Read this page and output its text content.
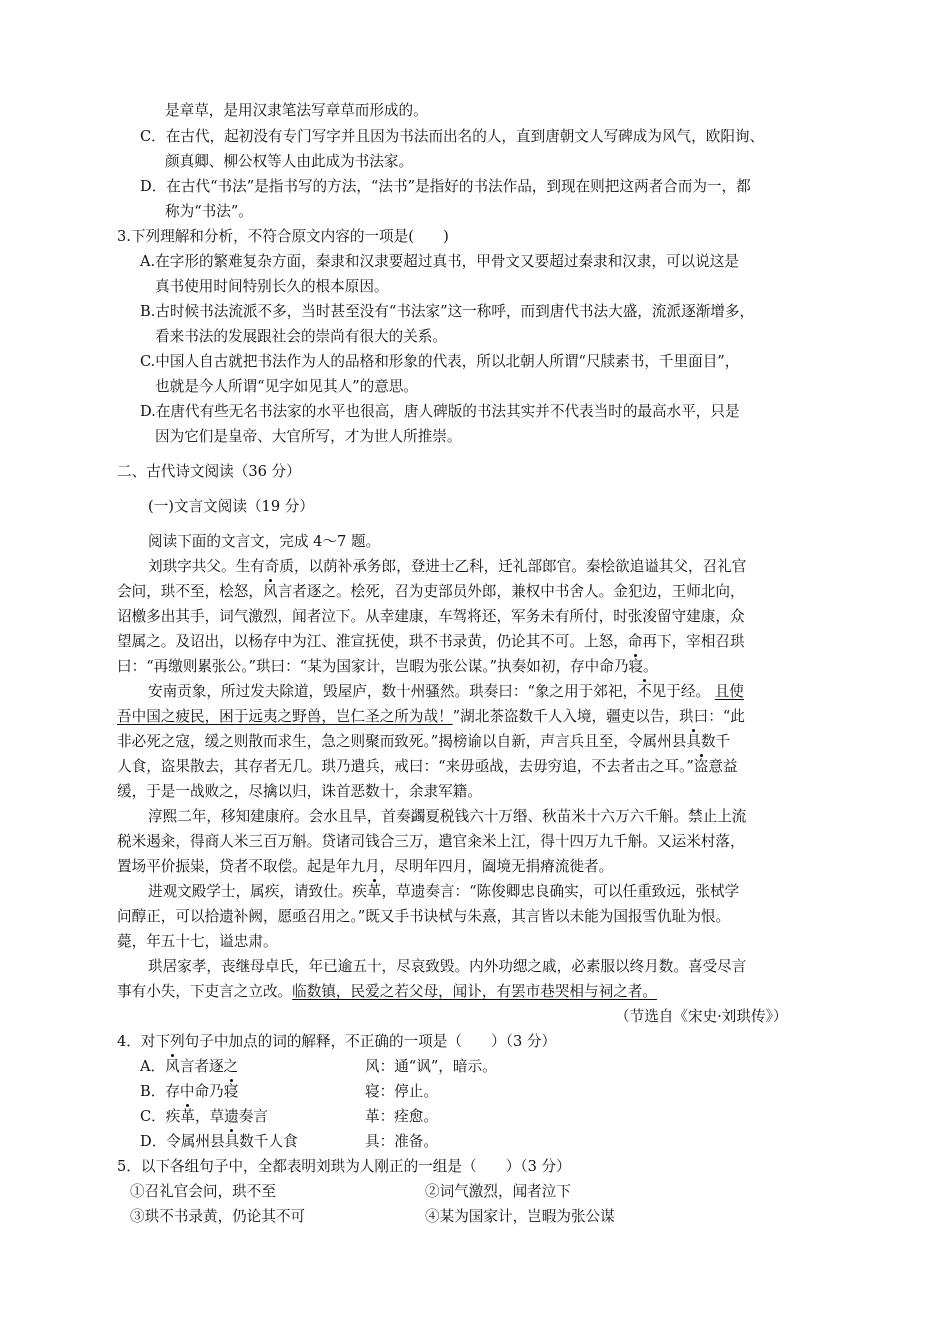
是章草，是用汉隶笔法写章草而形成的。
C．在古代，起初没有专门写字并且因为书法而出名的人，直到唐朝文人写碑成为风气，欧阳询、
颜真卿、柳公权等人由此成为书法家。
D．在古代“书法”是指书写的方法，“法书”是指好的书法作品，到现在则把这两者合而为一，都
称为“书法”。
3.下列理解和分析，不符合原文内容的一项是(　　)
A.在字形的繁难复杂方面，秦隶和汉隶要超过真书，甲骨文又要超过秦隶和汉隶，可以说这是
真书使用时间特别长久的根本原因。
B.古时候书法流派不多，当时甚至没有“书法家”这一称呼，而到唐代书法大盛，流派逐渐增多，
看来书法的发展跟社会的崇尚有很大的关系。
C.中国人自古就把书法作为人的品格和形象的代表，所以北朝人所谓“尺牍素书，千里面目”，
也就是今人所谓“见字如见其人”的意思。
D.在唐代有些无名书法家的水平也很高，唐人碑版的书法其实并不代表当时的最高水平，只是
因为它们是皇帝、大官所写，才为世人所推崇。
二、古代诗文阅读（36 分）
(一)文言文阅读（19 分）
阅读下面的文言文，完成 4～7 题。
刘珙字共父。生有奇质，以荫补承务郎，登进士乙科，迁礼部郎官。秦桧欲追谥其父，召礼官
会问，珙不至，桧怒，风言者逐之。桧死，召为吏部员外郎，兼权中书舍人。金犯边，王师北向，
诏檄多出其手，词气激烈，闻者泣下。从幸建康，车驾将还，军务未有所付，时张浚留守建康，众
望属之。及诏出，以杨存中为江、淮宣抚使，珙不书录黄，仍论其不可。上怒，命再下，宰相召珙
曰：“再缴则累张公。”珙曰：“某为国家计，岂暇为张公谋。”执奏如初，存中命乃寝。
安南贡象，所过发夫除道，毁屋庐，数十州骚然。珙奏曰：“象之用于郊祀，不见于经。 且使
吾中国之疲民，困于远夷之野兽，岂仁圣之所为哉！”湖北茶盗数千人入境，疆吏以告，珙曰：“此
非必死之寇，缓之则散而求生，急之则聚而致死。”揭榜谕以自新，声言兵且至，令属州县具数千
人食，盗果散去，其存者无几。珙乃遣兵，戒曰：“来毋亟战，去毋穷追，不去者击之耳。”盗意益
缓，于是一战败之，尽擒以归，诛首恶数十，余隶军籍。
淳熙二年，移知建康府。会水且旱，首奏蠲夏税钱六十万缗、秋苗米十六万六千斛。禁止上流
税米遏籴，得商人米三百万斛。贷诸司钱合三万，遣官籴米上江，得十四万九千斛。又运米村落，
置场平价振粜，贷者不取偿。起是年九月，尽明年四月，阖境无捐瘠流徙者。
进观文殿学士，属疾，请致仕。疾革，草遗奏言：“陈俊卿忠良确实，可以任重致远，张栻学
问醇正，可以拾遗补阙，愿亟召用之。”既又手书诀栻与朱熹，其言皆以未能为国报雪仇耻为恨。
薨，年五十七，谥忠肃。
珙居家孝，丧继母卓氏，年已逾五十，尽哀致毁。内外功缌之戚，必素服以终月数。喜受尽言
事有小失，下吏言之立改。临数镇，民爱之若父母，闻讣，有罢市巷哭相与祠之者。
（节选自《宋史·刘珙传》）
4．对下列句子中加点的词的解释，不正确的一项是（　　）（3 分）
A．风言者逐之	风：通“讽”，暗示。
B．存中命乃寝	寝：停止。
C．疾革，草遗奏言	革：痊愈。
D．令属州县具数千人食	具：准备。
5．以下各组句子中，全都表明刘珙为人刚正的一组是（　　）（3 分）
①召礼官会问，珙不至	②词气激烈，闻者泣下
③珙不书录黄，仍论其不可	④某为国家计，岂暇为张公谋
